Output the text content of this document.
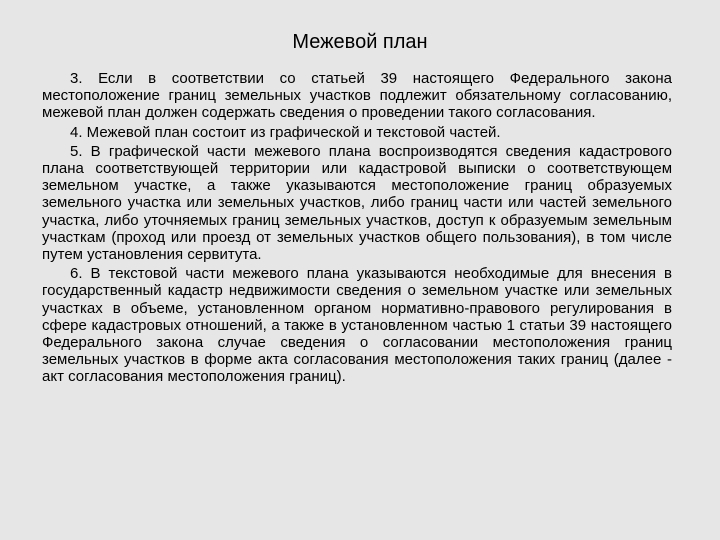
Межевой план

3. Если в соответствии со статьей 39 настоящего Федерального закона местоположение границ земельных участков подлежит обязательному согласованию, межевой план должен содержать сведения о проведении такого согласования.

4. Межевой план состоит из графической и текстовой частей.

5. В графической части межевого плана воспроизводятся сведения кадастрового плана соответствующей территории или кадастровой выписки о соответствующем земельном участке, а также указываются местоположение границ образуемых земельного участка или земельных участков, либо границ части или частей земельного участка, либо уточняемых границ земельных участков, доступ к образуемым земельным участкам (проход или проезд от земельных участков общего пользования), в том числе путем установления сервитута.

6. В текстовой части межевого плана указываются необходимые для внесения в государственный кадастр недвижимости сведения о земельном участке или земельных участках в объеме, установленном органом нормативно-правового регулирования в сфере кадастровых отношений, а также в установленном частью 1 статьи 39 настоящего Федерального закона случае сведения о согласовании местоположения границ земельных участков в форме акта согласования местоположения таких границ (далее - акт согласования местоположения границ).
